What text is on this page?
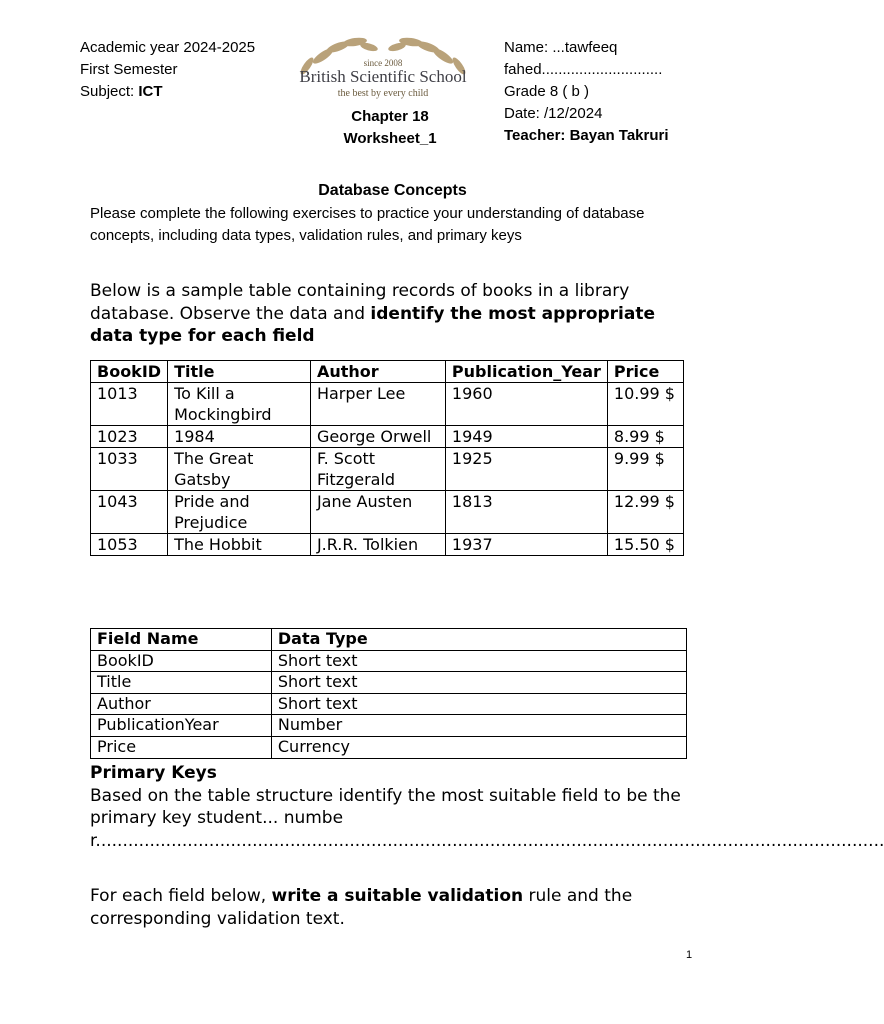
Academic year 2024-2025
First Semester
Subject: ICT
since 2008
British Scientific School
the best by every child
Chapter 18
Worksheet_1
Name: ...tawfeeq
fahed.............................
Grade 8 ( b )
Date: /12/2024
Teacher: Bayan Takruri
Database Concepts
Please complete the following exercises to practice your understanding of database concepts, including data types, validation rules, and primary keys
Below is a sample table containing records of books in a library database. Observe the data and identify the most appropriate data type for each field
BookID	Title	Author	Publication_Year	Price
1013	To Kill a Mockingbird	Harper Lee	1960	10.99 $
1023	1984	George Orwell	1949	8.99 $
1033	The Great Gatsby	F. Scott Fitzgerald	1925	9.99 $
1043	Pride and Prejudice	Jane Austen	1813	12.99 $
1053	The Hobbit	J.R.R. Tolkien	1937	15.50 $
Field Name	Data Type
BookID	Short text
Title	Short text
Author	Short text
PublicationYear	Number
Price	Currency
Primary Keys
Based on the table structure identify the most suitable field to be the primary key student... number..................................................................................................................................................
For each field below, write a suitable validation rule and the corresponding validation text.
1
